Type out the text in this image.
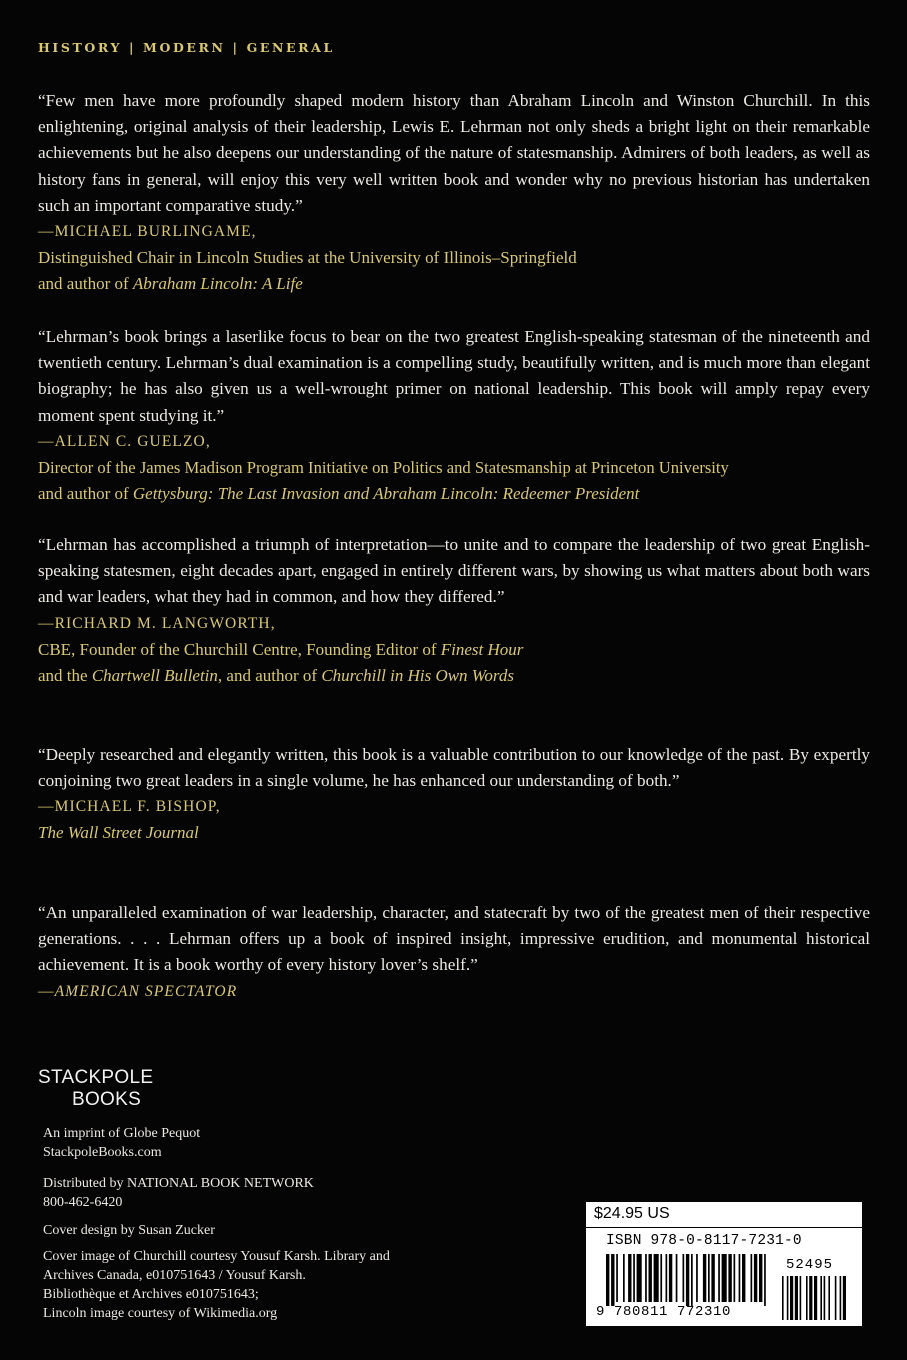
HISTORY | MODERN | GENERAL

“Few men have more profoundly shaped modern history than Abraham Lincoln and Winston Churchill. In this enlightening, original analysis of their leadership, Lewis E. Lehrman not only sheds a bright light on their remarkable achievements but he also deepens our understanding of the nature of statesmanship. Admirers of both leaders, as well as history fans in general, will enjoy this very well written book and wonder why no previous historian has undertaken such an important comparative study.”

—MICHAEL BURLINGAME,
Distinguished Chair in Lincoln Studies at the University of Illinois–Springfield
and author of Abraham Lincoln: A Life

“Lehrman’s book brings a laserlike focus to bear on the two greatest English-speaking statesman of the nineteenth and twentieth century. Lehrman’s dual examination is a compelling study, beautifully written, and is much more than elegant biography; he has also given us a well-wrought primer on national leadership. This book will amply repay every moment spent studying it.”

—ALLEN C. GUELZO,
Director of the James Madison Program Initiative on Politics and Statesmanship at Princeton University
and author of Gettysburg: The Last Invasion and Abraham Lincoln: Redeemer President

“Lehrman has accomplished a triumph of interpretation—to unite and to compare the leadership of two great English-speaking statesmen, eight decades apart, engaged in entirely different wars, by showing us what matters about both wars and war leaders, what they had in common, and how they differed.”

—RICHARD M. LANGWORTH,
CBE, Founder of the Churchill Centre, Founding Editor of Finest Hour
and the Chartwell Bulletin, and author of Churchill in His Own Words

“Deeply researched and elegantly written, this book is a valuable contribution to our knowledge of the past. By expertly conjoining two great leaders in a single volume, he has enhanced our understanding of both.”

—MICHAEL F. BISHOP,
The Wall Street Journal

“An unparalleled examination of war leadership, character, and statecraft by two of the greatest men of their respective generations. . . . Lehrman offers up a book of inspired insight, impressive erudition, and monumental historical achievement. It is a book worthy of every history lover’s shelf.”

—AMERICAN SPECTATOR
STACKPOLE
BOOKS
An imprint of Globe Pequot
StackpoleBooks.com
Distributed by NATIONAL BOOK NETWORK
800-462-6420
Cover design by Susan Zucker
Cover image of Churchill courtesy Yousuf Karsh. Library and
Archives Canada, e010751643 / Yousuf Karsh.
Bibliothèque et Archives e010751643;
Lincoln image courtesy of Wikimedia.org
$24.95 US
ISBN 978-0-8117-7231-0
52495
9 780811 772310
